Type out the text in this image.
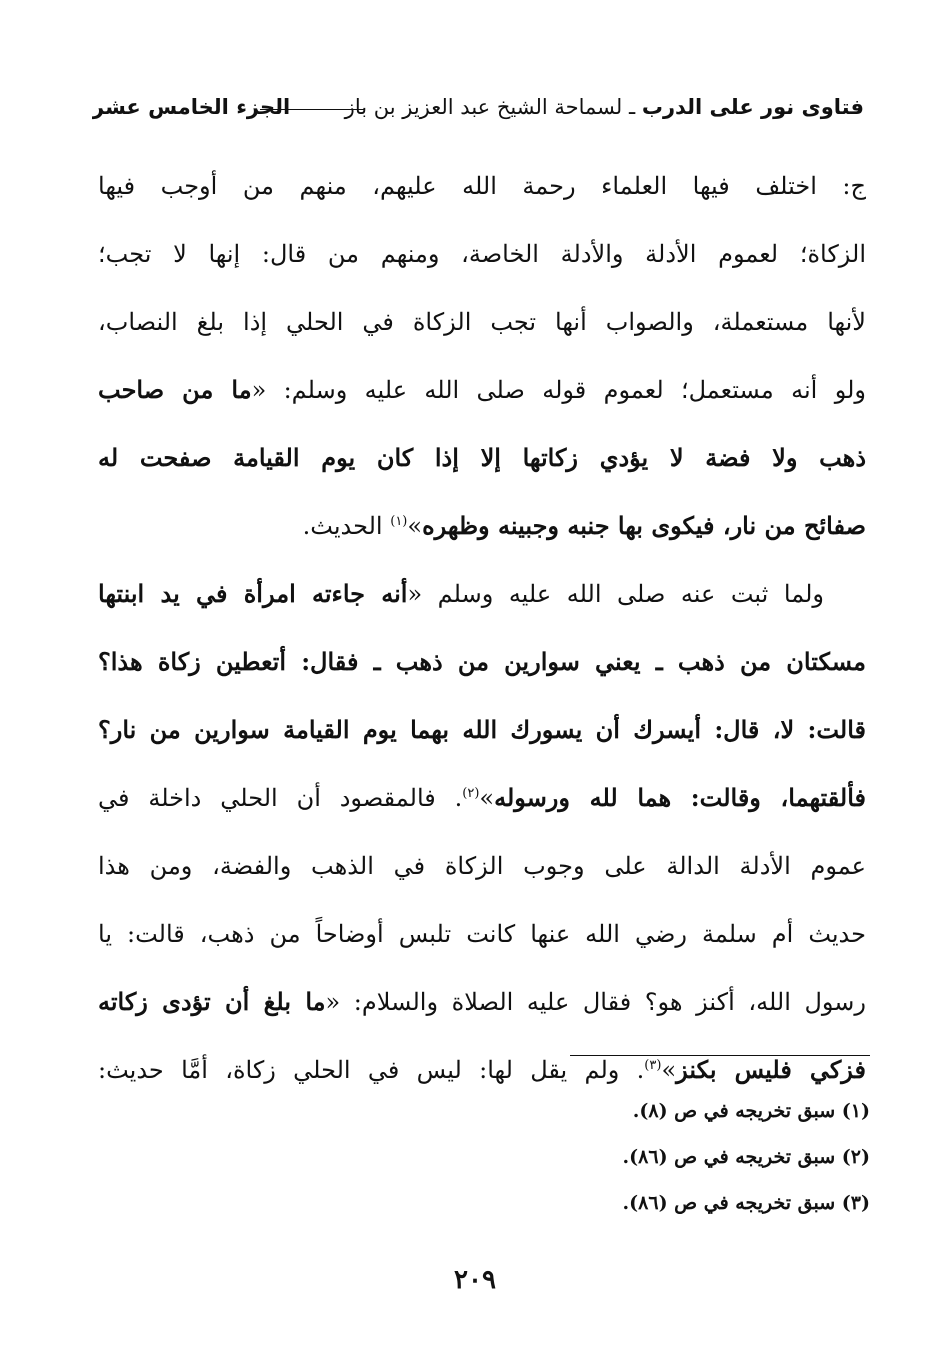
فتاوى نور على الدرب ـ لسماحة الشيخ عبد العزيز بن باز
الجزء الخامس عشر
ج: اختلف فيها العلماء رحمة الله عليهم، منهم من أوجب فيها
الزكاة؛ لعموم الأدلة والأدلة الخاصة، ومنهم من قال: إنها لا تجب؛
لأنها مستعملة، والصواب أنها تجب الزكاة في الحلي إذا بلغ النصاب،
ولو أنه مستعمل؛ لعموم قوله صلى الله عليه وسلم: «ما من صاحب
ذهب ولا فضة لا يؤدي زكاتها إلا إذا كان يوم القيامة صفحت له
صفائح من نار، فيكوى بها جنبه وجبينه وظهره»$^{(١)}$ الحديث.
ولما ثبت عنه صلى الله عليه وسلم «أنه جاءته امرأة في يد ابنتها
مسكتان من ذهب ـ يعني سوارين من ذهب ـ فقال: أتعطين زكاة هذا؟
قالت: لا، قال: أيسرك أن يسورك الله بهما يوم القيامة سوارين من نار؟
فألقتهما، وقالت: هما لله ورسوله»$^{(٢)}$. فالمقصود أن الحلي داخلة في
عموم الأدلة الدالة على وجوب الزكاة في الذهب والفضة، ومن هذا
حديث أم سلمة رضي الله عنها كانت تلبس أوضاحاً من ذهب، قالت: يا
رسول الله، أكنز هو؟ فقال عليه الصلاة والسلام: «ما بلغ أن تؤدى زكاته
فزكي فليس بكنز»$^{(٣)}$. ولم يقل لها: ليس في الحلي زكاة، أمَّا حديث:
(١) سبق تخريجه في ص (٨).
(٢) سبق تخريجه في ص (٨٦).
(٣) سبق تخريجه في ص (٨٦).
٢٠٩
